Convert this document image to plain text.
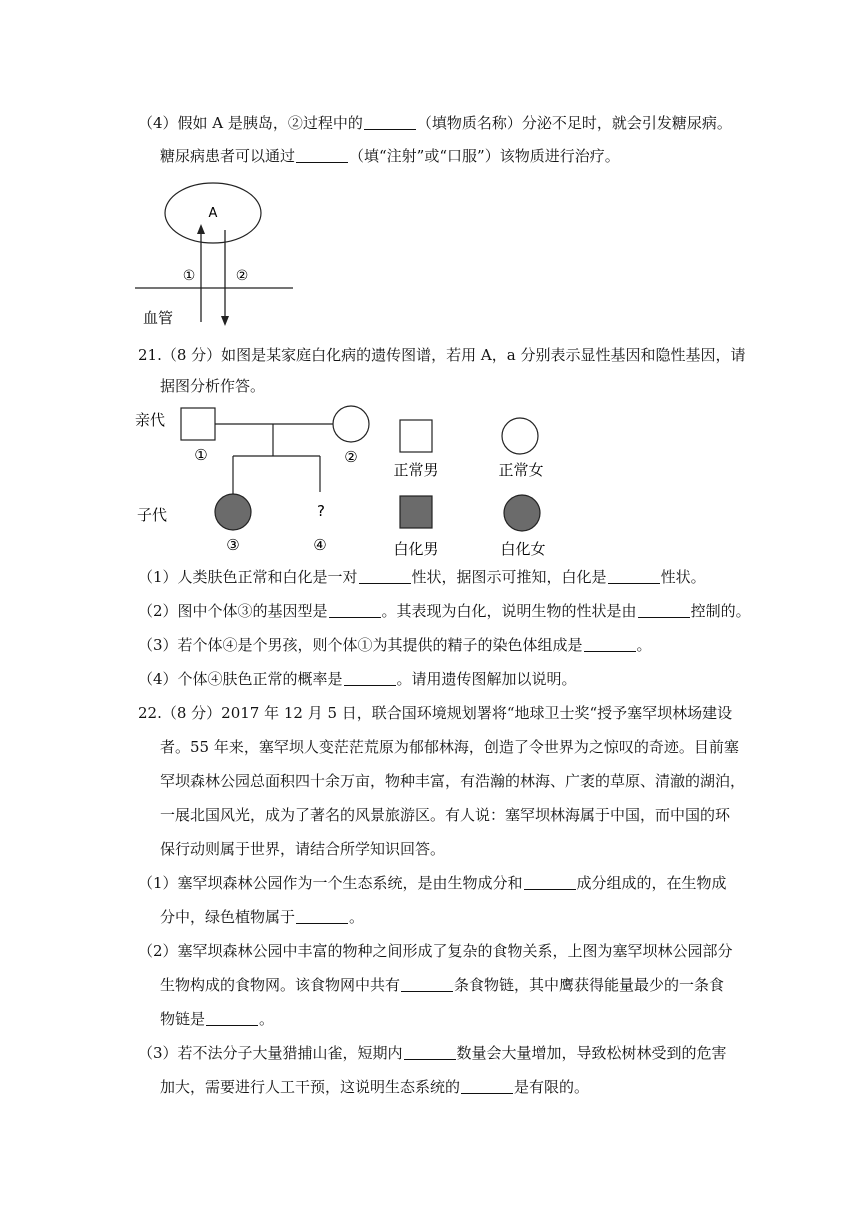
（4）假如 A 是胰岛，②过程中的	（填物质名称）分泌不足时，就会引发糖尿病。
糖尿病患者可以通过	（填“注射”或“口服”）该物质进行治疗。
A
①	②
血管
21.（8 分）如图是某家庭白化病的遗传图谱，若用 A，a 分别表示显性基因和隐性基因，请
据图分析作答。
亲代
子代	?
①	②
③	④
正常男	正常女
白化男	白化女
（1）人类肤色正常和白化是一对	性状，据图示可推知，白化是	性状。
（2）图中个体③的基因型是	。其表现为白化，说明生物的性状是由	控制的。
（3）若个体④是个男孩，则个体①为其提供的精子的染色体组成是	。
（4）个体④肤色正常的概率是	。请用遗传图解加以说明。
22.（8 分）2017 年 12 月 5 日，联合国环境规划署将“地球卫士奖“授予塞罕坝林场建设
者。55 年来，塞罕坝人变茫茫荒原为郁郁林海，创造了令世界为之惊叹的奇迹。目前塞
罕坝森林公园总面积四十余万亩，物种丰富，有浩瀚的林海、广袤的草原、清澈的湖泊，
一展北国风光，成为了著名的风景旅游区。有人说：塞罕坝林海属于中国，而中国的环
保行动则属于世界，请结合所学知识回答。
（1）塞罕坝森林公园作为一个生态系统，是由生物成分和	成分组成的，在生物成
分中，绿色植物属于	。
（2）塞罕坝森林公园中丰富的物种之间形成了复杂的食物关系，上图为塞罕坝林公园部分
生物构成的食物网。该食物网中共有	条食物链，其中鹰获得能量最少的一条食
物链是	。
（3）若不法分子大量猎捕山雀，短期内	数量会大量增加，导致松树林受到的危害
加大，需要进行人工干预，这说明生态系统的	是有限的。
